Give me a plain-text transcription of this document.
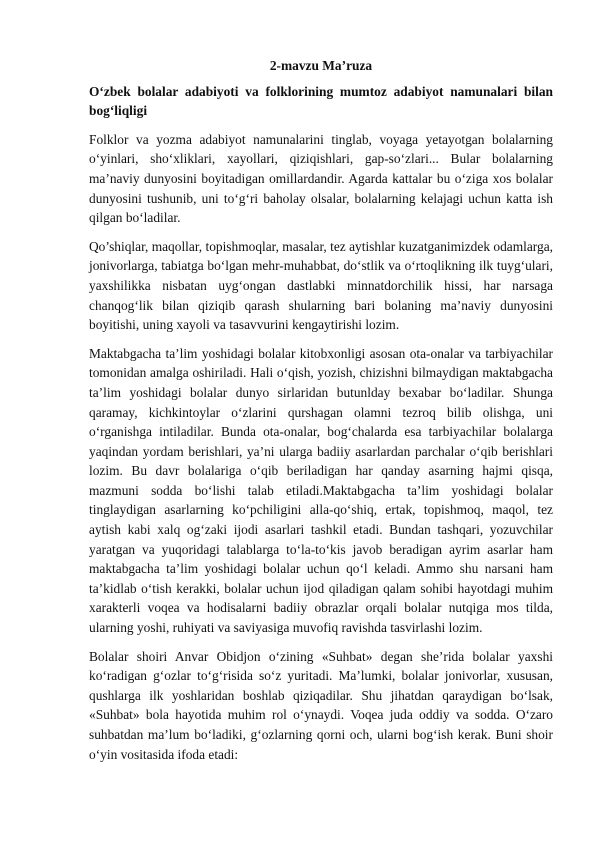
2-mavzu Ma’ruza
O‘zbek bolalar adabiyoti va folklorining mumtoz adabiyot namunalari bilan bog‘liqligi

Folklor va yozma adabiyot namunalarini tinglab, voyaga yetayotgan bolalarning o‘yinlari, sho‘xliklari, xayollari, qiziqishlari, gap-so‘zlari... Bular bolalarning ma’naviy dunyosini boyitadigan omillardandir. Agarda kattalar bu o‘ziga xos bolalar dunyosini tushunib, uni to‘g‘ri baholay olsalar, bolalarning kelajagi uchun katta ish qilgan bo‘ladilar.

Qo’shiqlar, maqollar, topishmoqlar, masalar, tez aytishlar kuzatganimizdek odamlarga, jonivorlarga, tabiatga bo‘lgan mehr-muhabbat, do‘stlik va o‘rtoqlikning ilk tuyg‘ulari, yaxshilikka nisbatan uyg‘ongan dastlabki minnatdorchilik hissi, har narsaga chanqog‘lik bilan qiziqib qarash shularning bari bolaning ma’naviy dunyosini boyitishi, uning xayoli va tasavvurini kengaytirishi lozim.

Maktabgacha ta’lim yoshidagi bolalar kitobxonligi asosan ota-onalar va tarbiyachilar tomonidan amalga oshiriladi. Hali o‘qish, yozish, chizishni bilmaydigan maktabgacha ta’lim yoshidagi bolalar dunyo sirlaridan butunlday bexabar bo‘ladilar. Shunga qaramay, kichkintoylar o‘zlarini qurshagan olamni tezroq bilib olishga, uni o‘rganishga intiladilar. Bunda ota-onalar, bog‘chalarda esa tarbiyachilar bolalarga yaqindan yordam berishlari, ya’ni ularga badiiy asarlardan parchalar o‘qib berishlari lozim. Bu davr bolalariga o‘qib beriladigan har qanday asarning hajmi qisqa, mazmuni sodda bo‘lishi talab etiladi.Maktabgacha ta’lim yoshidagi bolalar tinglaydigan asarlarning ko‘pchiligini alla-qo‘shiq, ertak, topishmoq, maqol, tez aytish kabi xalq og‘zaki ijodi asarlari tashkil etadi. Bundan tashqari, yozuvchilar yaratgan va yuqoridagi talablarga to‘la-to‘kis javob beradigan ayrim asarlar ham maktabgacha ta’lim yoshidagi bolalar uchun qo‘l keladi. Ammo shu narsani ham ta’kidlab o‘tish kerakki, bolalar uchun ijod qiladigan qalam sohibi hayotdagi muhim xarakterli voqea va hodisalarni badiiy obrazlar orqali bolalar nutqiga mos tilda, ularning yoshi, ruhiyati va saviyasiga muvofiq ravishda tasvirlashi lozim.

Bolalar shoiri Anvar Obidjon o‘zining «Suhbat» degan she’rida bolalar yaxshi ko‘radigan g‘ozlar to‘g‘risida so‘z yuritadi. Ma’lumki, bolalar jonivorlar, xususan, qushlarga ilk yoshlaridan boshlab qiziqadilar. Shu jihatdan qaraydigan bo‘lsak, «Suhbat» bola hayotida muhim rol o‘ynaydi. Voqea juda oddiy va sodda. O‘zaro suhbatdan ma’lum bo‘ladiki, g‘ozlarning qorni och, ularni bog‘ish kerak. Buni shoir o‘yin vositasida ifoda etadi:
